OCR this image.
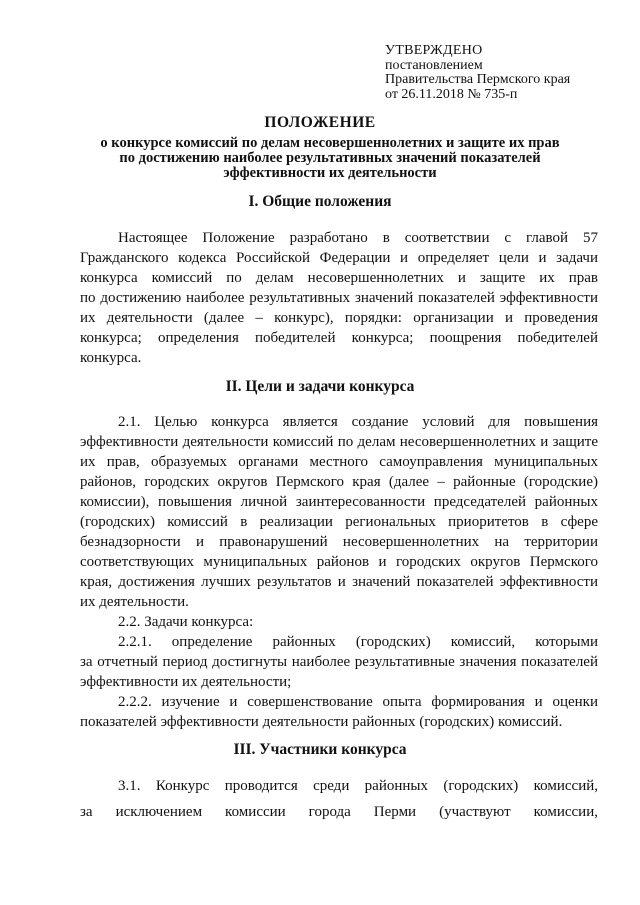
УТВЕРЖДЕНО
постановлением
Правительства Пермского края
от 26.11.2018 № 735-п
ПОЛОЖЕНИЕ
о конкурсе комиссий по делам несовершеннолетних и защите их прав
по достижению наиболее результативных значений показателей
эффективности их деятельности
I. Общие положения
Настоящее Положение разработано в соответствии с главой 57
Гражданского кодекса Российской Федерации и определяет цели и задачи
конкурса комиссий по делам несовершеннолетних и защите их прав
по достижению наиболее результативных значений показателей эффективности
их деятельности (далее – конкурс), порядки: организации и проведения
конкурса; определения победителей конкурса; поощрения победителей
конкурса.
II. Цели и задачи конкурса
2.1. Целью конкурса является создание условий для повышения
эффективности деятельности комиссий по делам несовершеннолетних и защите
их прав, образуемых органами местного самоуправления муниципальных
районов, городских округов Пермского края (далее – районные (городские)
комиссии), повышения личной заинтересованности председателей районных
(городских) комиссий в реализации региональных приоритетов в сфере
безнадзорности и правонарушений несовершеннолетних на территории
соответствующих муниципальных районов и городских округов Пермского
края, достижения лучших результатов и значений показателей эффективности
их деятельности.
2.2. Задачи конкурса:
2.2.1. определение районных (городских) комиссий, которыми
за отчетный период достигнуты наиболее результативные значения показателей
эффективности их деятельности;
2.2.2. изучение и совершенствование опыта формирования и оценки
показателей эффективности деятельности районных (городских) комиссий.
III. Участники конкурса
3.1. Конкурс проводится среди районных (городских) комиссий,
за исключением комиссии города Перми (участвуют комиссии,
